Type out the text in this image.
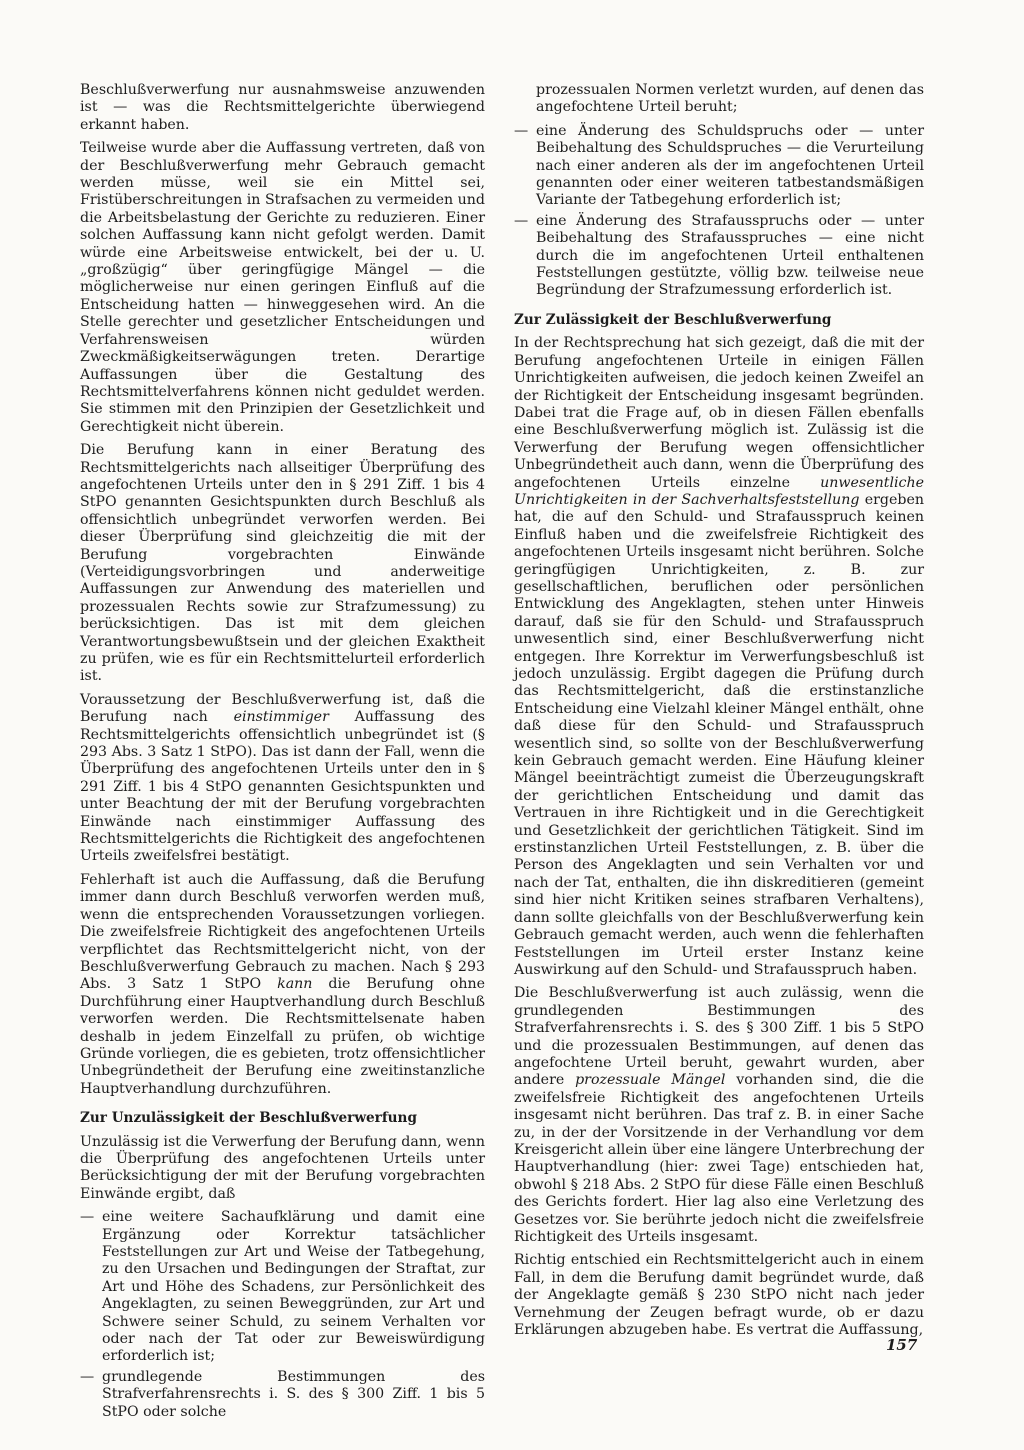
Beschlußverwerfung nur ausnahmsweise anzuwenden ist — was die Rechtsmittelgerichte überwiegend erkannt haben.

Teilweise wurde aber die Auffassung vertreten, daß von der Beschlußverwerfung mehr Gebrauch gemacht werden müsse, weil sie ein Mittel sei, Fristüberschreitungen in Strafsachen zu vermeiden und die Arbeitsbelastung der Gerichte zu reduzieren. Einer solchen Auffassung kann nicht gefolgt werden. Damit würde eine Arbeitsweise entwickelt, bei der u. U. „großzügig“ über geringfügige Mängel — die möglicherweise nur einen geringen Einfluß auf die Entscheidung hatten — hinweggesehen wird. An die Stelle gerechter und gesetzlicher Entscheidungen und Verfahrensweisen würden Zweckmäßigkeitserwägungen treten. Derartige Auffassungen über die Gestaltung des Rechtsmittelverfahrens können nicht geduldet werden. Sie stimmen mit den Prinzipien der Gesetzlichkeit und Gerechtigkeit nicht überein.

Die Berufung kann in einer Beratung des Rechtsmittelgerichts nach allseitiger Überprüfung des angefochtenen Urteils unter den in § 291 Ziff. 1 bis 4 StPO genannten Gesichtspunkten durch Beschluß als offensichtlich unbegründet verworfen werden. Bei dieser Überprüfung sind gleichzeitig die mit der Berufung vorgebrachten Einwände (Verteidigungsvorbringen und anderweitige Auffassungen zur Anwendung des materiellen und prozessualen Rechts sowie zur Strafzumessung) zu berücksichtigen. Das ist mit dem gleichen Verantwortungsbewußtsein und der gleichen Exaktheit zu prüfen, wie es für ein Rechtsmittelurteil erforderlich ist.

Voraussetzung der Beschlußverwerfung ist, daß die Berufung nach einstimmiger Auffassung des Rechtsmittelgerichts offensichtlich unbegründet ist (§ 293 Abs. 3 Satz 1 StPO). Das ist dann der Fall, wenn die Überprüfung des angefochtenen Urteils unter den in § 291 Ziff. 1 bis 4 StPO genannten Gesichtspunkten und unter Beachtung der mit der Berufung vorgebrachten Einwände nach einstimmiger Auffassung des Rechtsmittelgerichts die Richtigkeit des angefochtenen Urteils zweifelsfrei bestätigt.

Fehlerhaft ist auch die Auffassung, daß die Berufung immer dann durch Beschluß verworfen werden muß, wenn die entsprechenden Voraussetzungen vorliegen. Die zweifelsfreie Richtigkeit des angefochtenen Urteils verpflichtet das Rechtsmittelgericht nicht, von der Beschlußverwerfung Gebrauch zu machen. Nach § 293 Abs. 3 Satz 1 StPO kann die Berufung ohne Durchführung einer Hauptverhandlung durch Beschluß verworfen werden. Die Rechtsmittelsenate haben deshalb in jedem Einzelfall zu prüfen, ob wichtige Gründe vorliegen, die es gebieten, trotz offensichtlicher Unbegründetheit der Berufung eine zweitinstanzliche Hauptverhandlung durchzuführen.

Zur Unzulässigkeit der Beschlußverwerfung

Unzulässig ist die Verwerfung der Berufung dann, wenn die Überprüfung des angefochtenen Urteils unter Berücksichtigung der mit der Berufung vorgebrachten Einwände ergibt, daß

— eine weitere Sachaufklärung und damit eine Ergänzung oder Korrektur tatsächlicher Feststellungen zur Art und Weise der Tatbegehung, zu den Ursachen und Bedingungen der Straftat, zur Art und Höhe des Schadens, zur Persönlichkeit des Angeklagten, zu seinen Beweggründen, zur Art und Schwere seiner Schuld, zu seinem Verhalten vor oder nach der Tat oder zur Beweiswürdigung erforderlich ist;
— grundlegende Bestimmungen des Strafverfahrensrechts i. S. des § 300 Ziff. 1 bis 5 StPO oder solche

prozessualen Normen verletzt wurden, auf denen das angefochtene Urteil beruht;

— eine Änderung des Schuldspruchs oder — unter Beibehaltung des Schuldspruches — die Verurteilung nach einer anderen als der im angefochtenen Urteil genannten oder einer weiteren tatbestandsmäßigen Variante der Tatbegehung erforderlich ist;
— eine Änderung des Strafausspruchs oder — unter Beibehaltung des Strafausspruches — eine nicht durch die im angefochtenen Urteil enthaltenen Feststellungen gestützte, völlig bzw. teilweise neue Begründung der Strafzumessung erforderlich ist.
Zur Zulässigkeit der Beschlußverwerfung

In der Rechtsprechung hat sich gezeigt, daß die mit der Berufung angefochtenen Urteile in einigen Fällen Unrichtigkeiten aufweisen, die jedoch keinen Zweifel an der Richtigkeit der Entscheidung insgesamt begründen. Dabei trat die Frage auf, ob in diesen Fällen ebenfalls eine Beschlußverwerfung möglich ist. Zulässig ist die Verwerfung der Berufung wegen offensichtlicher Unbegründetheit auch dann, wenn die Überprüfung des angefochtenen Urteils einzelne unwesentliche Unrichtigkeiten in der Sachverhaltsfeststellung ergeben hat, die auf den Schuld- und Strafausspruch keinen Einfluß haben und die zweifelsfreie Richtigkeit des angefochtenen Urteils insgesamt nicht berühren. Solche geringfügigen Unrichtigkeiten, z. B. zur gesellschaftlichen, beruflichen oder persönlichen Entwicklung des Angeklagten, stehen unter Hinweis darauf, daß sie für den Schuld- und Strafausspruch unwesentlich sind, einer Beschlußverwerfung nicht entgegen. Ihre Korrektur im Verwerfungsbeschluß ist jedoch unzulässig. Ergibt dagegen die Prüfung durch das Rechtsmittelgericht, daß die erstinstanzliche Entscheidung eine Vielzahl kleiner Mängel enthält, ohne daß diese für den Schuld- und Strafausspruch wesentlich sind, so sollte von der Beschlußverwerfung kein Gebrauch gemacht werden. Eine Häufung kleiner Mängel beeinträchtigt zumeist die Überzeugungskraft der gerichtlichen Entscheidung und damit das Vertrauen in ihre Richtigkeit und in die Gerechtigkeit und Gesetzlichkeit der gerichtlichen Tätigkeit. Sind im erstinstanzlichen Urteil Feststellungen, z. B. über die Person des Angeklagten und sein Verhalten vor und nach der Tat, enthalten, die ihn diskreditieren (gemeint sind hier nicht Kritiken seines strafbaren Verhaltens), dann sollte gleichfalls von der Beschlußverwerfung kein Gebrauch gemacht werden, auch wenn die fehlerhaften Feststellungen im Urteil erster Instanz keine Auswirkung auf den Schuld- und Strafausspruch haben.

Die Beschlußverwerfung ist auch zulässig, wenn die grundlegenden Bestimmungen des Strafverfahrensrechts i. S. des § 300 Ziff. 1 bis 5 StPO und die prozessualen Bestimmungen, auf denen das angefochtene Urteil beruht, gewahrt wurden, aber andere prozessuale Mängel vorhanden sind, die die zweifelsfreie Richtigkeit des angefochtenen Urteils insgesamt nicht berühren. Das traf z. B. in einer Sache zu, in der der Vorsitzende in der Verhandlung vor dem Kreisgericht allein über eine längere Unterbrechung der Hauptverhandlung (hier: zwei Tage) entschieden hat, obwohl § 218 Abs. 2 StPO für diese Fälle einen Beschluß des Gerichts fordert. Hier lag also eine Verletzung des Gesetzes vor. Sie berührte jedoch nicht die zweifelsfreie Richtigkeit des Urteils insgesamt.

Richtig entschied ein Rechtsmittelgericht auch in einem Fall, in dem die Berufung damit begründet wurde, daß der Angeklagte gemäß § 230 StPO nicht nach jeder Vernehmung der Zeugen befragt wurde, ob er dazu Erklärungen abzugeben habe. Es vertrat die Auffassung,

157
